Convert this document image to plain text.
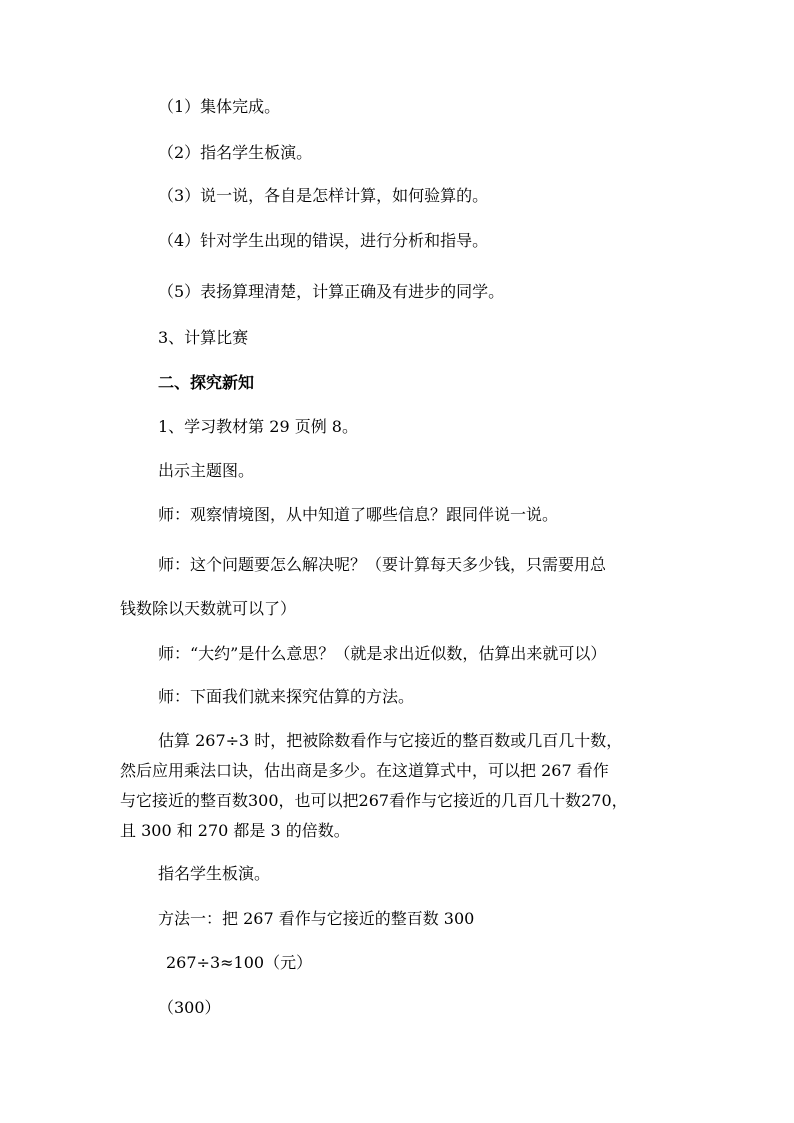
（1）集体完成。
（2）指名学生板演。
（3）说一说，各自是怎样计算，如何验算的。
（4）针对学生出现的错误，进行分析和指导。
（5）表扬算理清楚，计算正确及有进步的同学。
3、计算比赛
二、探究新知
1、学习教材第 29 页例 8。
出示主题图。
师：观察情境图，从中知道了哪些信息？跟同伴说一说。
师：这个问题要怎么解决呢？（要计算每天多少钱，只需要用总
钱数除以天数就可以了）
师：“大约”是什么意思？（就是求出近似数，估算出来就可以）
师：下面我们就来探究估算的方法。
估算 267÷3 时，把被除数看作与它接近的整百数或几百几十数，
然后应用乘法口诀，估出商是多少。在这道算式中，可以把 267 看作
与它接近的整百数300，也可以把267看作与它接近的几百几十数270，
且 300 和 270 都是 3 的倍数。
指名学生板演。
方法一：把 267 看作与它接近的整百数 300
267÷3≈100（元）
（300）
